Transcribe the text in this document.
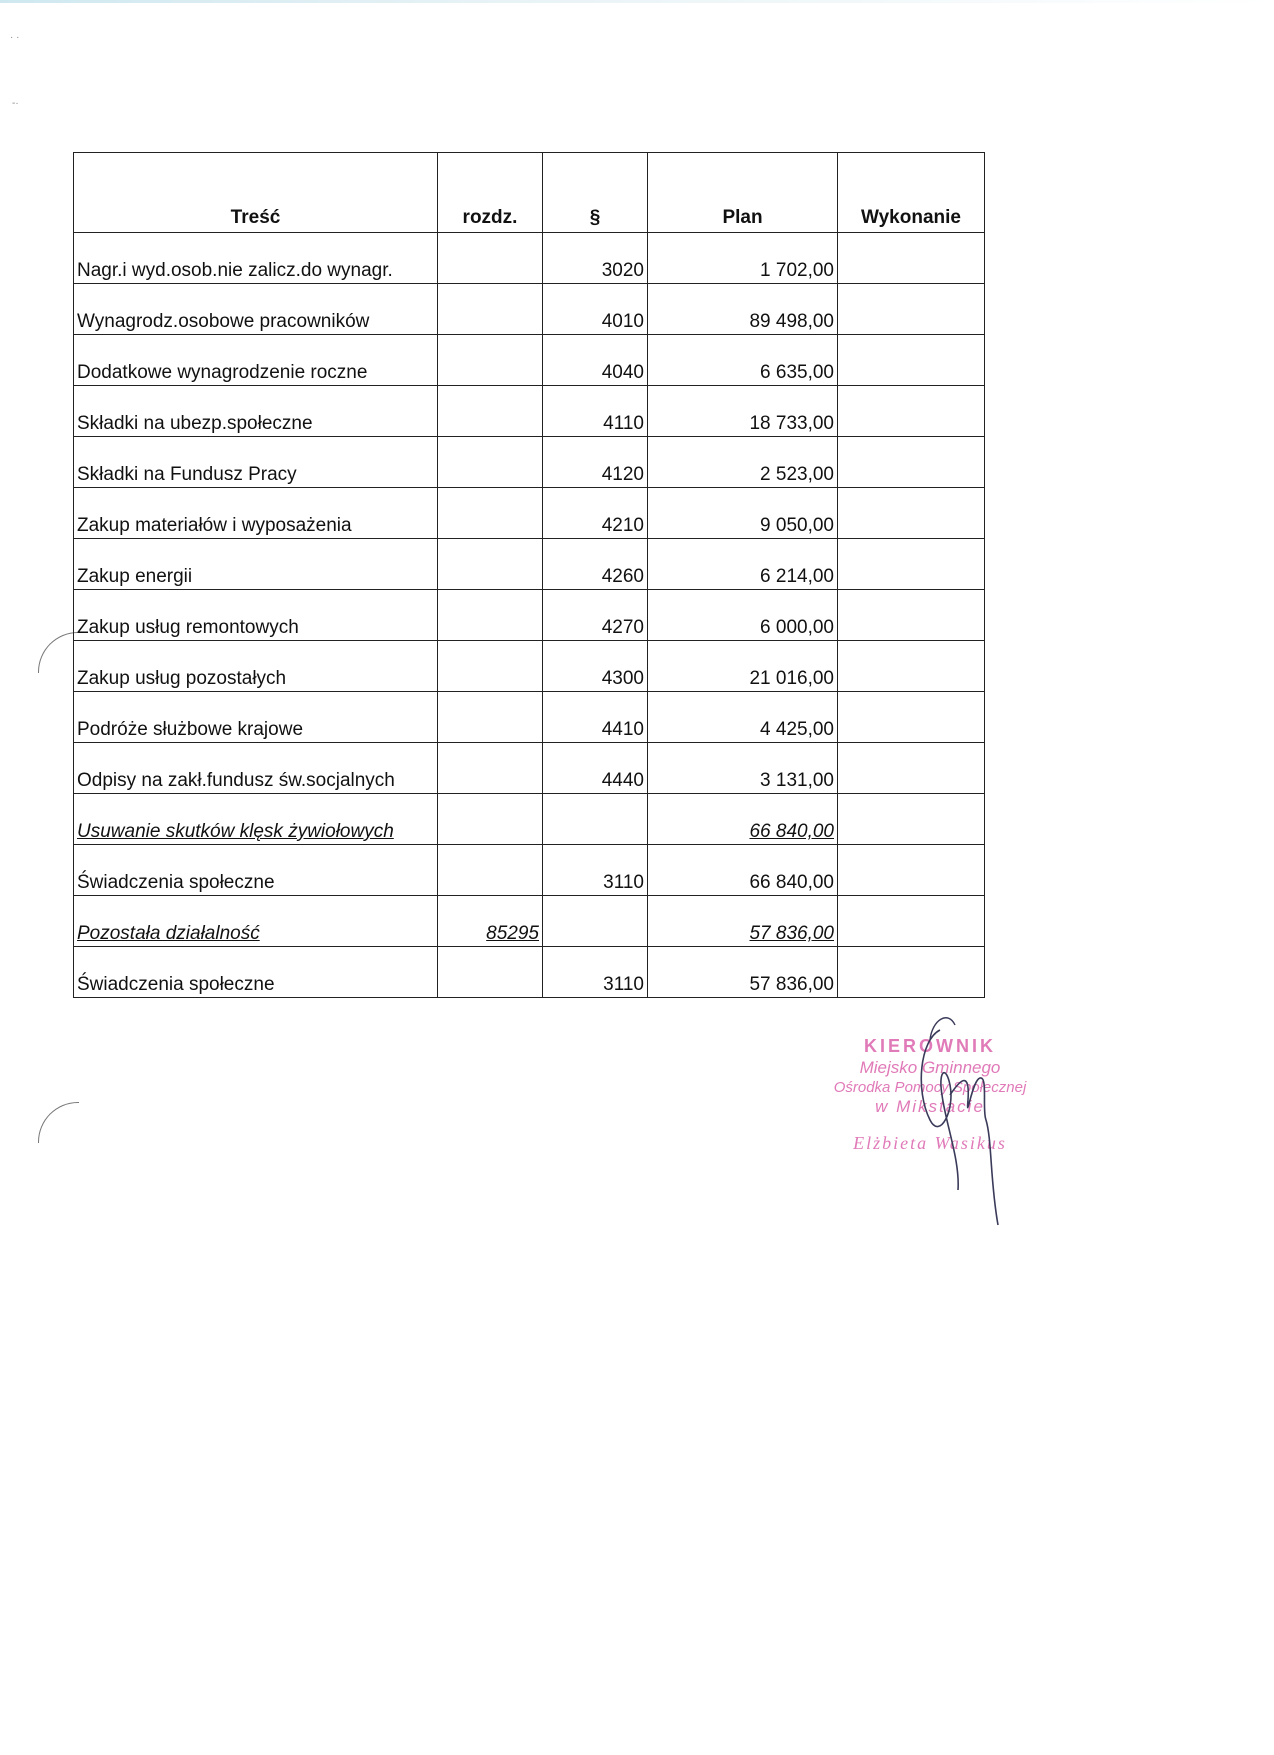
· ·
-·
Treść	rozdz.	§	Plan	Wykonanie
Nagr.i wyd.osob.nie zalicz.do wynagr.		3020	1 702,00	
Wynagrodz.osobowe pracowników		4010	89 498,00	
Dodatkowe wynagrodzenie roczne		4040	6 635,00	
Składki na ubezp.społeczne		4110	18 733,00	
Składki na Fundusz Pracy		4120	2 523,00	
Zakup materiałów i wyposażenia		4210	9 050,00	
Zakup energii		4260	6 214,00	
Zakup usług remontowych		4270	6 000,00	
Zakup usług pozostałych		4300	21 016,00	
Podróże służbowe krajowe		4410	4 425,00	
Odpisy na zakł.fundusz św.socjalnych		4440	3 131,00	
Usuwanie skutków klęsk żywiołowych			66 840,00	
Świadczenia społeczne		3110	66 840,00	
Pozostała działalność	85295		57 836,00	
Świadczenia społeczne		3110	57 836,00	
KIEROWNIK
Miejsko Gminnego
Ośrodka Pomocy Społecznej
w Mikstacie
Elżbieta Wasikus
